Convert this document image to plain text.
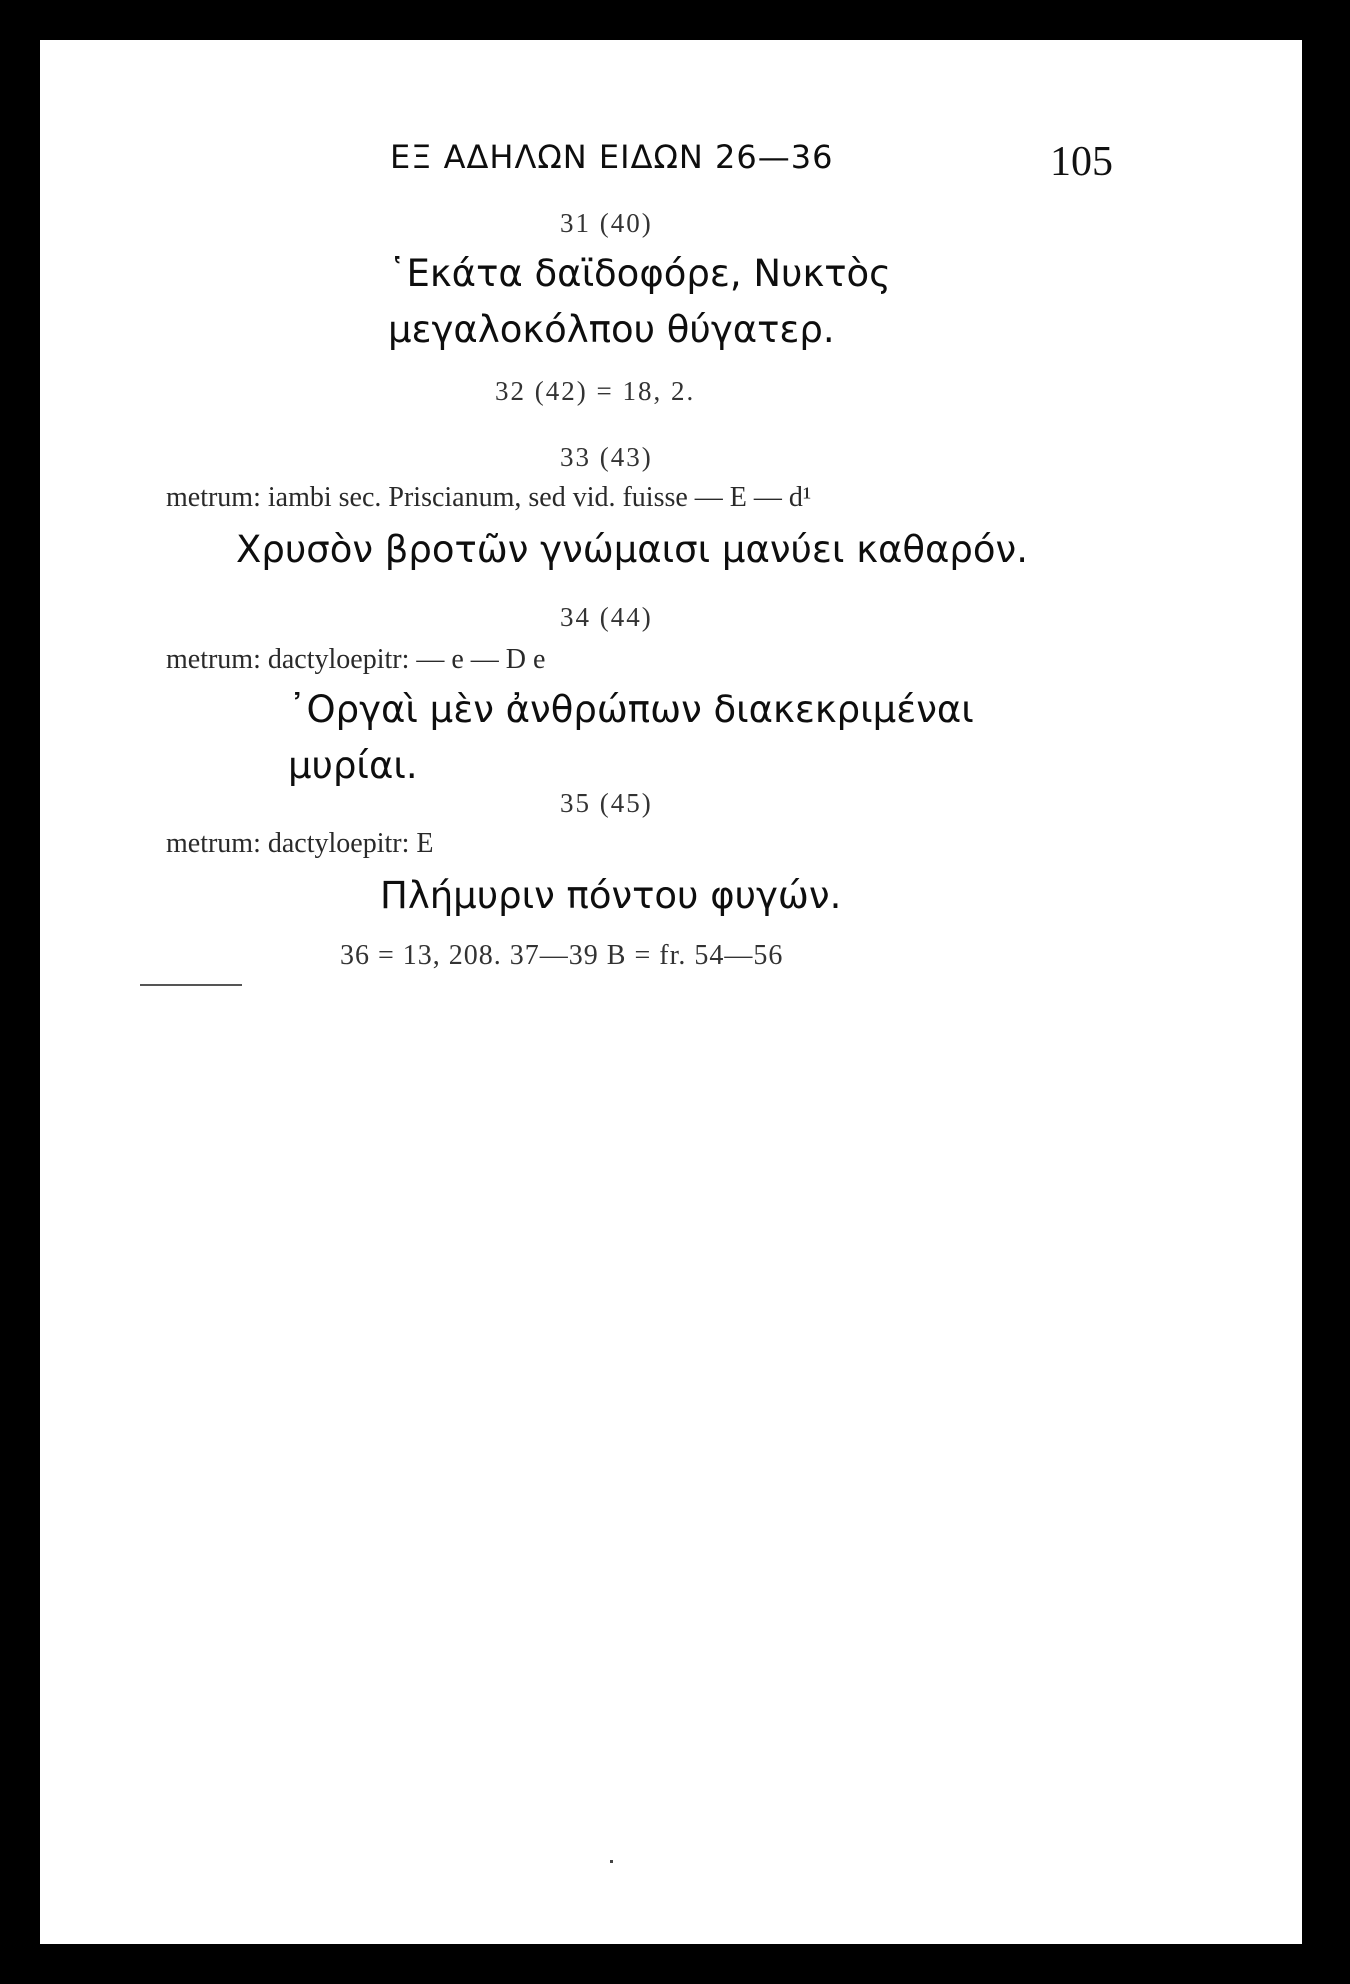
ΕΞ ΑΔΗΛΩΝ ΕΙΔΩΝ 26—36	105
31 (40)
῾Εκάτα δαϊδοφόρε, Νυκτὸς
μεγαλοκόλπου θύγατερ.
32 (42) = 18, 2.
33 (43)
metrum: iambi sec. Priscianum, sed vid. fuisse — E — d¹
Χρυσὸν βροτῶν γνώμαισι μανύει καθαρόν.
34 (44)
metrum: dactyloepitr: — e — D e
᾽Οργαὶ μὲν ἀνθρώπων διακεκριμέναι
μυρίαι.
35 (45)
metrum: dactyloepitr: E
Πλήμυριν πόντου φυγών.
36 = 13, 208. 37—39 B = fr. 54—56
